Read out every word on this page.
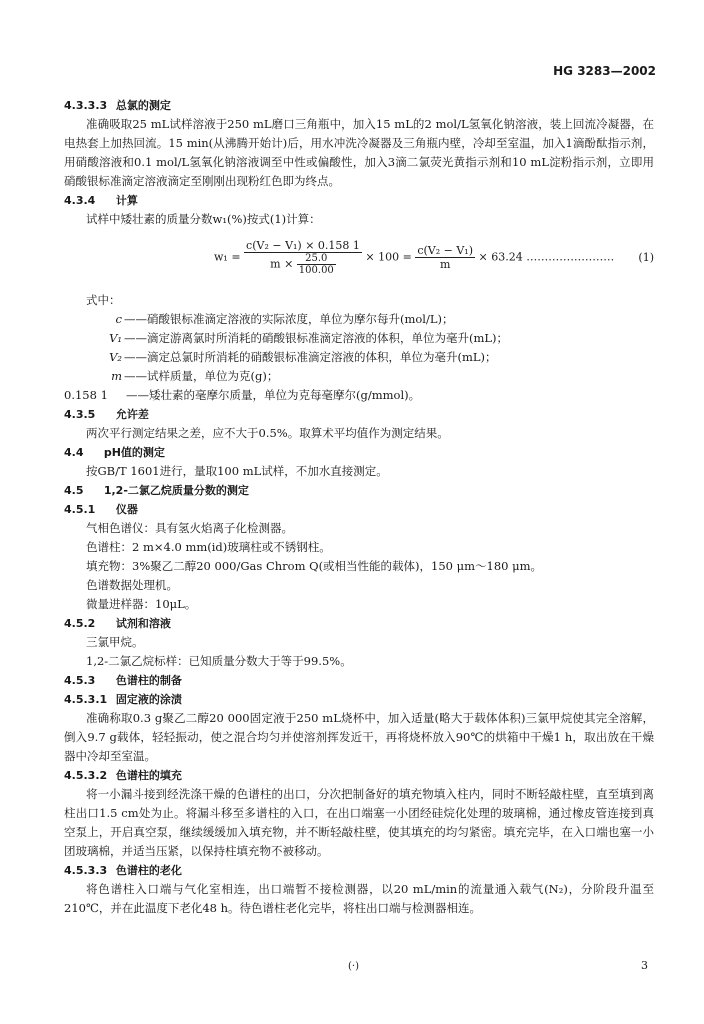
HG 3283—2002
4.3.3.3 总氯的测定

准确吸取25 mL试样溶液于250 mL磨口三角瓶中，加入15 mL的2 mol/L氢氧化钠溶液，装上回流冷凝器，在电热套上加热回流。15 min(从沸腾开始计)后，用水冲洗冷凝器及三角瓶内壁，冷却至室温，加入1滴酚酞指示剂，用硝酸溶液和0.1 mol/L氢氧化钠溶液调至中性或偏酸性，加入3滴二氯荧光黄指示剂和10 mL淀粉指示剂，立即用硝酸银标准滴定溶液滴定至刚刚出现粉红色即为终点。

4.3.4 计算

试样中矮壮素的质量分数w₁(%)按式(1)计算：

$w_1 = \frac{\text{c(V₂ − V₁) × 0.158 1}}{m \times \frac{25.0}{100.00}} \times 100 = \frac{\text{c(V₂ − V₁)}}{m} \times 63.24$ …………………… (1)

式中：

c ——硝酸银标准滴定溶液的实际浓度，单位为摩尔每升(mol/L)；
V₁ ——滴定游离氯时所消耗的硝酸银标准滴定溶液的体积，单位为毫升(mL)；
V₂ ——滴定总氯时所消耗的硝酸银标准滴定溶液的体积，单位为毫升(mL)；
m ——试样质量，单位为克(g)；
0.158 1	——矮壮素的毫摩尔质量，单位为克每毫摩尔(g/mmol)。
4.3.5 允许差

两次平行测定结果之差，应不大于0.5%。取算术平均值作为测定结果。

4.4 pH值的测定

按GB/T 1601进行，量取100 mL试样，不加水直接测定。

4.5 1,2-二氯乙烷质量分数的测定
4.5.1 仪器

气相色谱仪：具有氢火焰离子化检测器。

色谱柱：2 m×4.0 mm(id)玻璃柱或不锈钢柱。

填充物：3%聚乙二醇20 000/Gas Chrom Q(或相当性能的载体)，150 μm～180 μm。

色谱数据处理机。

微量进样器：10μL。

4.5.2 试剂和溶液

三氯甲烷。

1,2-二氯乙烷标样：已知质量分数大于等于99.5%。

4.5.3 色谱柱的制备
4.5.3.1 固定液的涂渍

准确称取0.3 g聚乙二醇20 000固定液于250 mL烧杯中，加入适量(略大于载体体积)三氯甲烷使其完全溶解，倒入9.7 g载体，轻轻振动，使之混合均匀并使溶剂挥发近干，再将烧杯放入90℃的烘箱中干燥1 h，取出放在干燥器中冷却至室温。

4.5.3.2 色谱柱的填充

将一小漏斗接到经洗涤干燥的色谱柱的出口，分次把制备好的填充物填入柱内，同时不断轻敲柱壁，直至填到离柱出口1.5 cm处为止。将漏斗移至多谱柱的入口，在出口端塞一小团经硅烷化处理的玻璃棉，通过橡皮管连接到真空泵上，开启真空泵，继续缓缓加入填充物，并不断轻敲柱壁，使其填充的均匀紧密。填充完毕，在入口端也塞一小团玻璃棉，并适当压紧，以保持柱填充物不被移动。

4.5.3.3 色谱柱的老化

将色谱柱入口端与气化室相连，出口端暂不接检测器，以20 mL/min的流量通入载气(N₂)，分阶段升温至210℃，并在此温度下老化48 h。待色谱柱老化完毕，将柱出口端与检测器相连。

(·)	3
